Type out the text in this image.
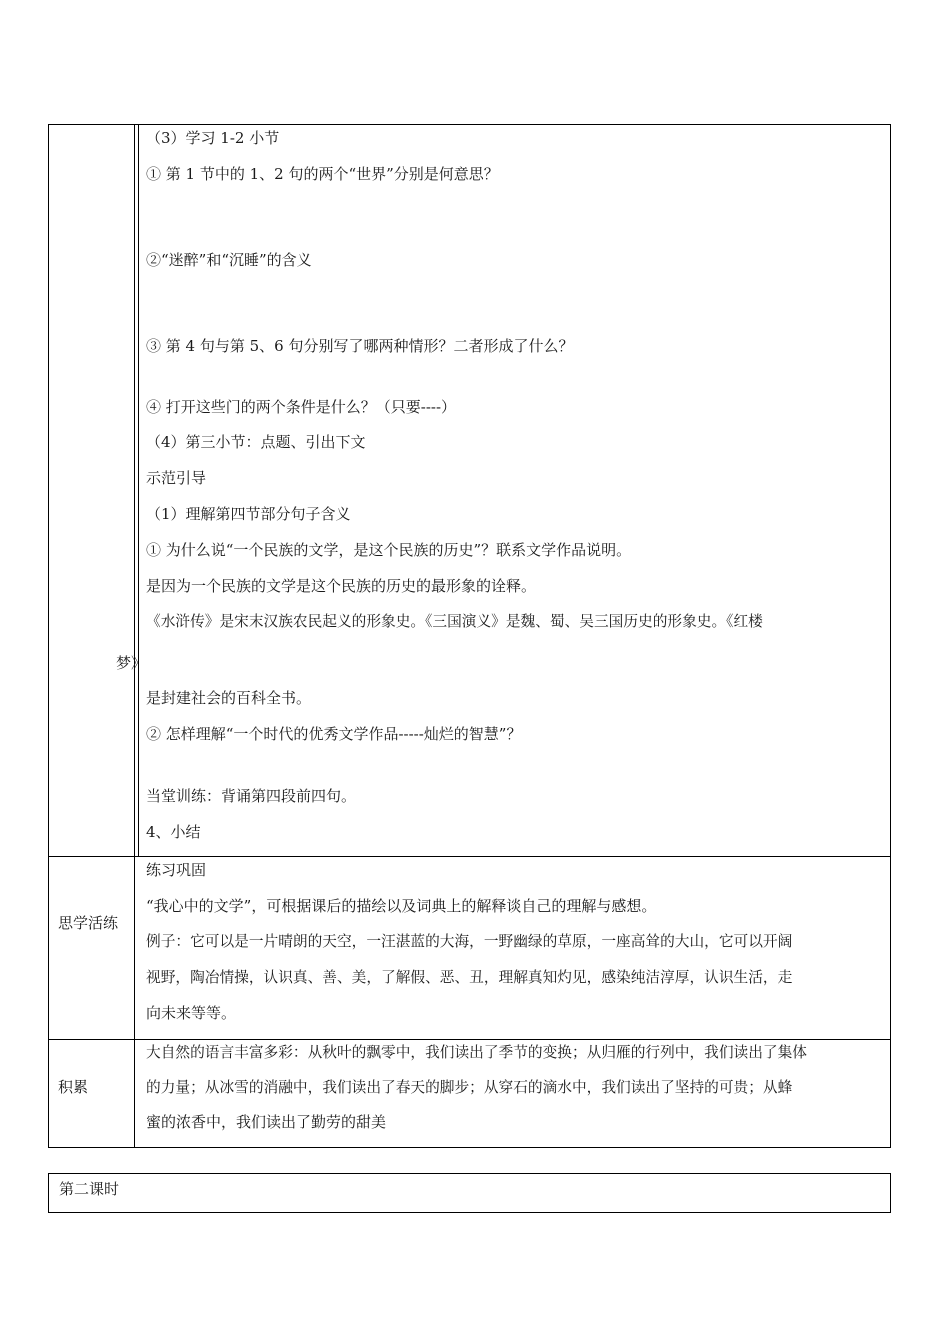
（3）学习 1-2 小节
① 第 1 节中的 1、2 句的两个“世界”分别是何意思？
②“迷醉”和“沉睡”的含义
③ 第 4 句与第 5、6 句分别写了哪两种情形？二者形成了什么？
④ 打开这些门的两个条件是什么？（只要----）
（4）第三小节：点题、引出下文
示范引导
（1）理解第四节部分句子含义
① 为什么说“一个民族的文学，是这个民族的历史”？联系文学作品说明。
是因为一个民族的文学是这个民族的历史的最形象的诠释。
《水浒传》是宋末汉族农民起义的形象史。《三国演义》是魏、蜀、吴三国历史的形象史。《红楼
梦》
是封建社会的百科全书。
② 怎样理解“一个时代的优秀文学作品-----灿烂的智慧”？
当堂训练：背诵第四段前四句。
4、小结
思学活练
练习巩固
“我心中的文学”，可根据课后的描绘以及词典上的解释谈自己的理解与感想。
例子：它可以是一片晴朗的天空，一汪湛蓝的大海，一野幽绿的草原，一座高耸的大山，它可以开阔
视野，陶冶情操，认识真、善、美，了解假、恶、丑，理解真知灼见，感染纯洁淳厚，认识生活，走
向未来等等。
积累
大自然的语言丰富多彩：从秋叶的飘零中，我们读出了季节的变换；从归雁的行列中，我们读出了集体
的力量；从冰雪的消融中，我们读出了春天的脚步；从穿石的滴水中，我们读出了坚持的可贵；从蜂
蜜的浓香中，我们读出了勤劳的甜美
第二课时
